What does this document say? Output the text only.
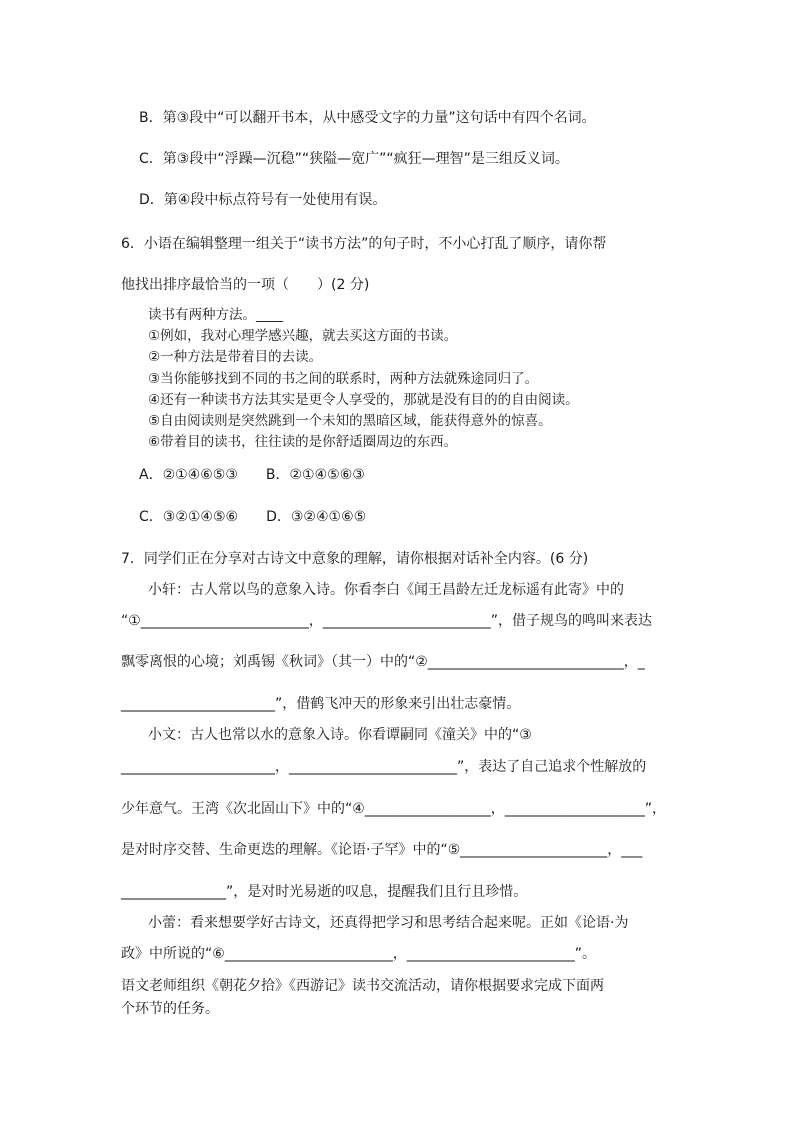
B．第③段中“可以翻开书本，从中感受文字的力量”这句话中有四个名词。
C．第③段中“浮躁—沉稳”“狭隘—宽广”“疯狂—理智”是三组反义词。
D．第④段中标点符号有一处使用有误。
6．小语在编辑整理一组关于“读书方法”的句子时，不小心打乱了顺序，请你帮
他找出排序最恰当的一项（　　）(2 分)
读书有两种方法。____
①例如，我对心理学感兴趣，就去买这方面的书读。
②一种方法是带着目的去读。
③当你能够找到不同的书之间的联系时，两种方法就殊途同归了。
④还有一种读书方法其实是更令人享受的，那就是没有目的的自由阅读。
⑤自由阅读则是突然跳到一个未知的黑暗区域，能获得意外的惊喜。
⑥带着目的读书，往往读的是你舒适圈周边的东西。
A．②①④⑥⑤③　　B．②①④⑤⑥③
C．③②①④⑤⑥　　D．③②④①⑥⑤
7．同学们正在分享对古诗文中意象的理解，请你根据对话补全内容。(6 分)
小轩：古人常以鸟的意象入诗。你看李白《闻王昌龄左迁龙标遥有此寄》中的
“①________________________，________________________”，借子规鸟的鸣叫来表达
飘零离恨的心境；刘禹锡《秋词》（其一）中的“②____________________________，_
______________________”，借鹤飞冲天的形象来引出壮志豪情。
小文：古人也常以水的意象入诗。你看谭嗣同《潼关》中的“③
______________________，________________________”，表达了自己追求个性解放的
少年意气。王湾《次北固山下》中的“④__________________，____________________”，
是对时序交替、生命更迭的理解。《论语·子罕》中的“⑤_____________________，___
_______________”，是对时光易逝的叹息，提醒我们且行且珍惜。
小蕾：看来想要学好古诗文，还真得把学习和思考结合起来呢。正如《论语·为
政》中所说的“⑥________________________，________________________”。
语文老师组织《朝花夕拾》《西游记》读书交流活动，请你根据要求完成下面两
个环节的任务。
